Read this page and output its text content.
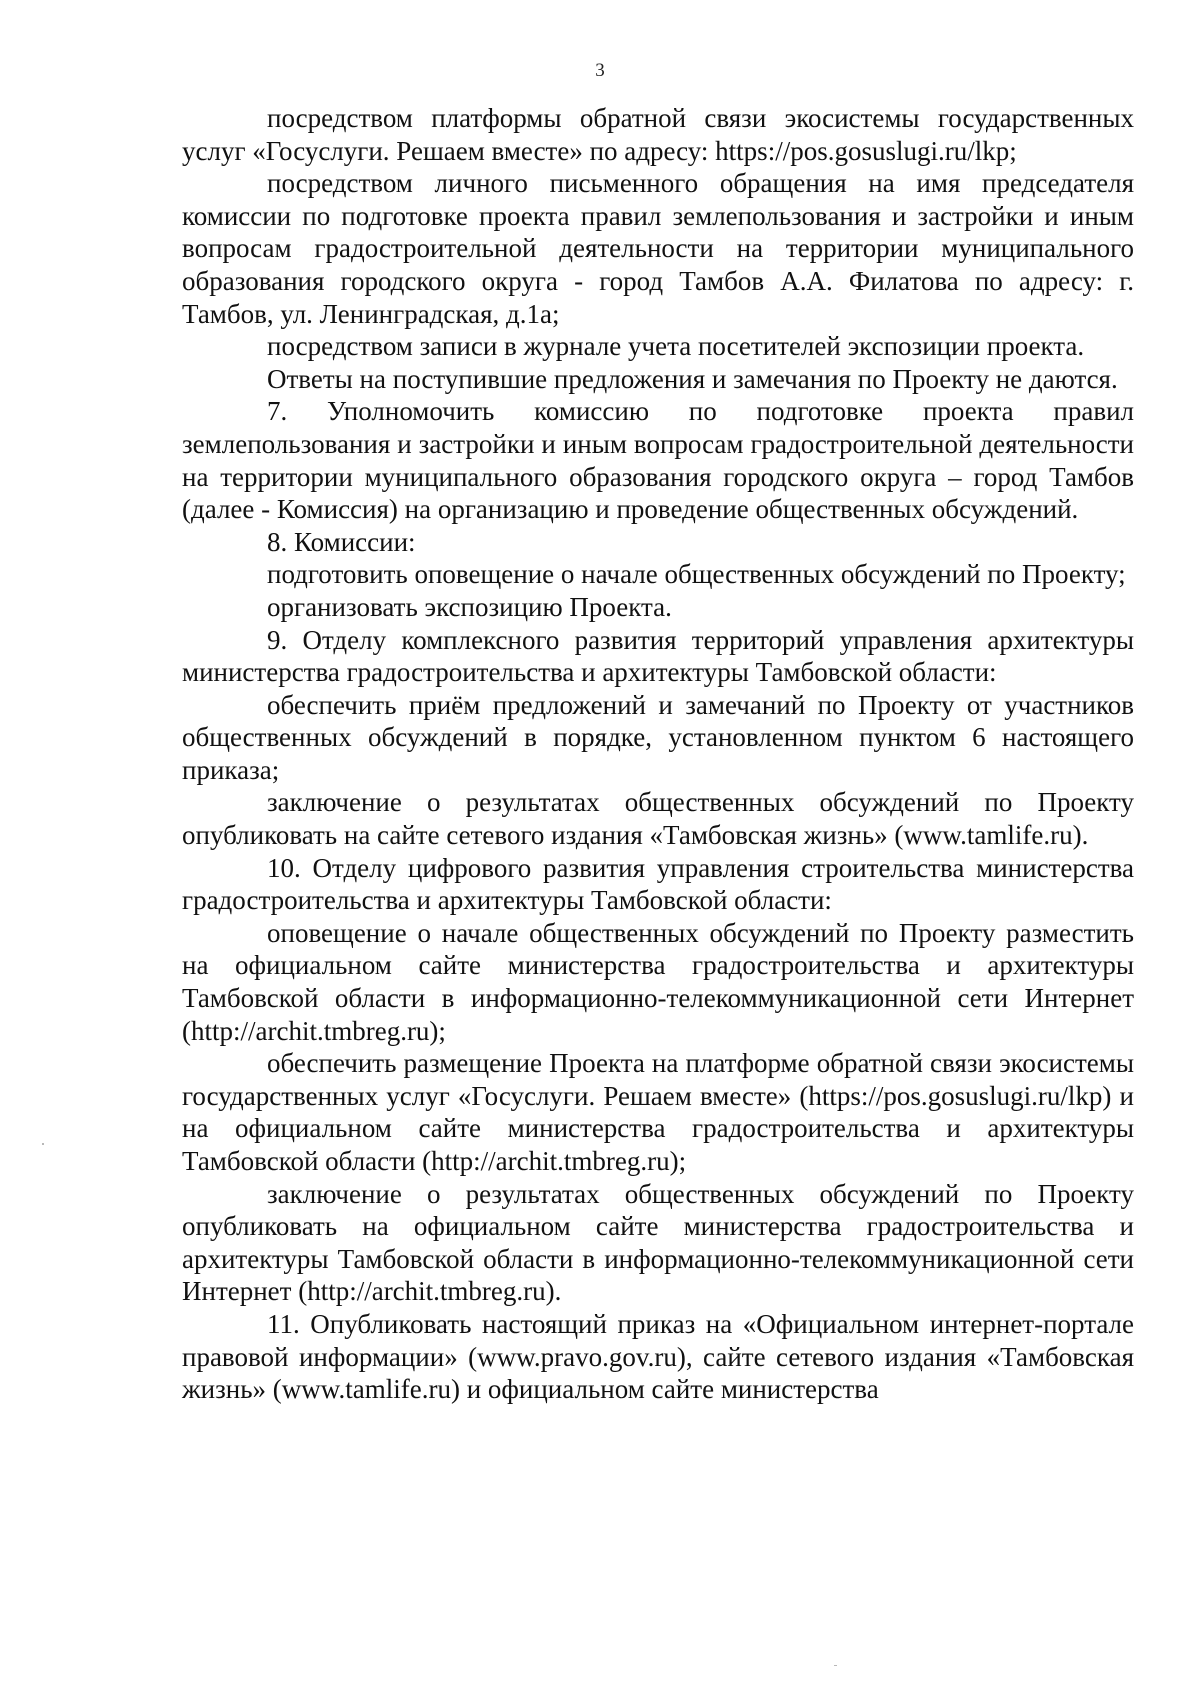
3

посредством платформы обратной связи экосистемы государственных услуг «Госуслуги. Решаем вместе» по адресу: https://pos.gosuslugi.ru/lkp;

посредством личного письменного обращения на имя председателя комиссии по подготовке проекта правил землепользования и застройки и иным вопросам градостроительной деятельности на территории муниципального образования городского округа - город Тамбов А.А. Филатова по адресу: г. Тамбов, ул. Ленинградская, д.1а;

посредством записи в журнале учета посетителей экспозиции проекта.

Ответы на поступившие предложения и замечания по Проекту не даются.

7. Уполномочить комиссию по подготовке проекта правил землепользования и застройки и иным вопросам градостроительной деятельности на территории муниципального образования городского округа – город Тамбов (далее - Комиссия) на организацию и проведение общественных обсуждений.

8. Комиссии:

подготовить оповещение о начале общественных обсуждений по Проекту;

организовать экспозицию Проекта.

9. Отделу комплексного развития территорий управления архитектуры министерства градостроительства и архитектуры Тамбовской области:

обеспечить приём предложений и замечаний по Проекту от участников общественных обсуждений в порядке, установленном пунктом 6 настоящего приказа;

заключение о результатах общественных обсуждений по Проекту опубликовать на сайте сетевого издания «Тамбовская жизнь» (www.tamlife.ru).

10. Отделу цифрового развития управления строительства министерства градостроительства и архитектуры Тамбовской области:

оповещение о начале общественных обсуждений по Проекту разместить на официальном сайте министерства градостроительства и архитектуры Тамбовской области в информационно-телекоммуникационной сети Интернет (http://archit.tmbreg.ru);

обеспечить размещение Проекта на платформе обратной связи экосистемы государственных услуг «Госуслуги. Решаем вместе» (https://pos.gosuslugi.ru/lkp) и на официальном сайте министерства градостроительства и архитектуры Тамбовской области (http://archit.tmbreg.ru);

заключение о результатах общественных обсуждений по Проекту опубликовать на официальном сайте министерства градостроительства и архитектуры Тамбовской области в информационно-телекоммуникационной сети Интернет (http://archit.tmbreg.ru).

11. Опубликовать настоящий приказ на «Официальном интернет-портале правовой информации» (www.pravo.gov.ru), сайте сетевого издания «Тамбовская жизнь» (www.tamlife.ru) и официальном сайте министерства
